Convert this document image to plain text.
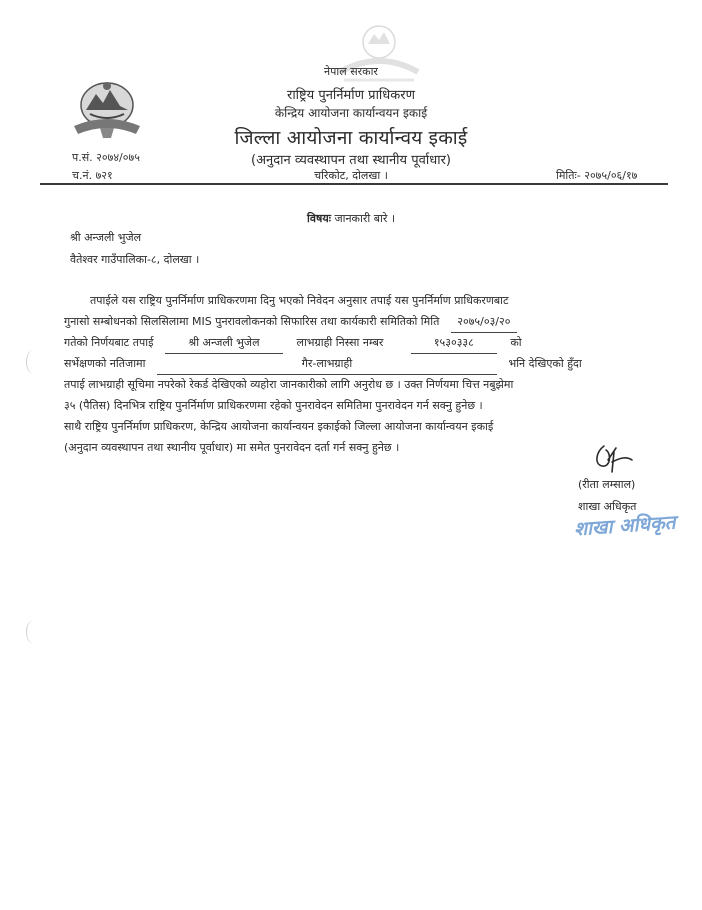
नेपाल सरकार
राष्ट्रिय पुनर्निर्माण प्राधिकरण
केन्द्रिय आयोजना कार्यान्वयन इकाई
जिल्ला आयोजना कार्यान्वय इकाई
(अनुदान व्यवस्थापन तथा स्थानीय पूर्वाधार)
चरिकोट, दोलखा ।
प.सं. २०७४/०७५
च.नं. ७२१	मितिः- २०७५/०६/१७
विषयः जानकारी बारे ।
श्री अन्जली भुजेल
वैतेश्वर गाउँपालिका-८, दोलखा ।
तपाईले यस राष्ट्रिय पुनर्निर्माण प्राधिकरणमा दिनु भएको निवेदन अनुसार तपाई यस पुनर्निर्माण प्राधिकरणबाट
गुनासो सम्बोधनको सिलसिलामा MIS पुनरावलोकनको सिफारिस तथा कार्यकारी समितिको मिति २०७५/०३/२०
गतेको निर्णयबाट तपाई	श्री अन्जली भुजेल	लाभग्राही निस्सा नम्बर	१५३०३३८	को
सर्भेक्षणको नतिजामा	गैर-लाभग्राही	भनि देखिएको हुँदा
तपाई लाभग्राही सूचिमा नपरेको रेकर्ड देखिएको व्यहोरा जानकारीको लागि अनुरोध छ । उक्त निर्णयमा चित्त नबुझेमा
३५ (पैतिस) दिनभित्र राष्ट्रिय पुनर्निर्माण प्राधिकरणमा रहेको पुनरावेदन समितिमा पुनरावेदन गर्न सक्नु हुनेछ ।
साथै राष्ट्रिय पुनर्निर्माण प्राधिकरण, केन्द्रिय आयोजना कार्यान्वयन इकाईको जिल्ला आयोजना कार्यान्वयन इकाई
(अनुदान व्यवस्थापन तथा स्थानीय पूर्वाधार) मा समेत पुनरावेदन दर्ता गर्न सक्नु हुनेछ ।
(रीता लम्साल)
शाखा अधिकृत
शाखा अधिकृत
